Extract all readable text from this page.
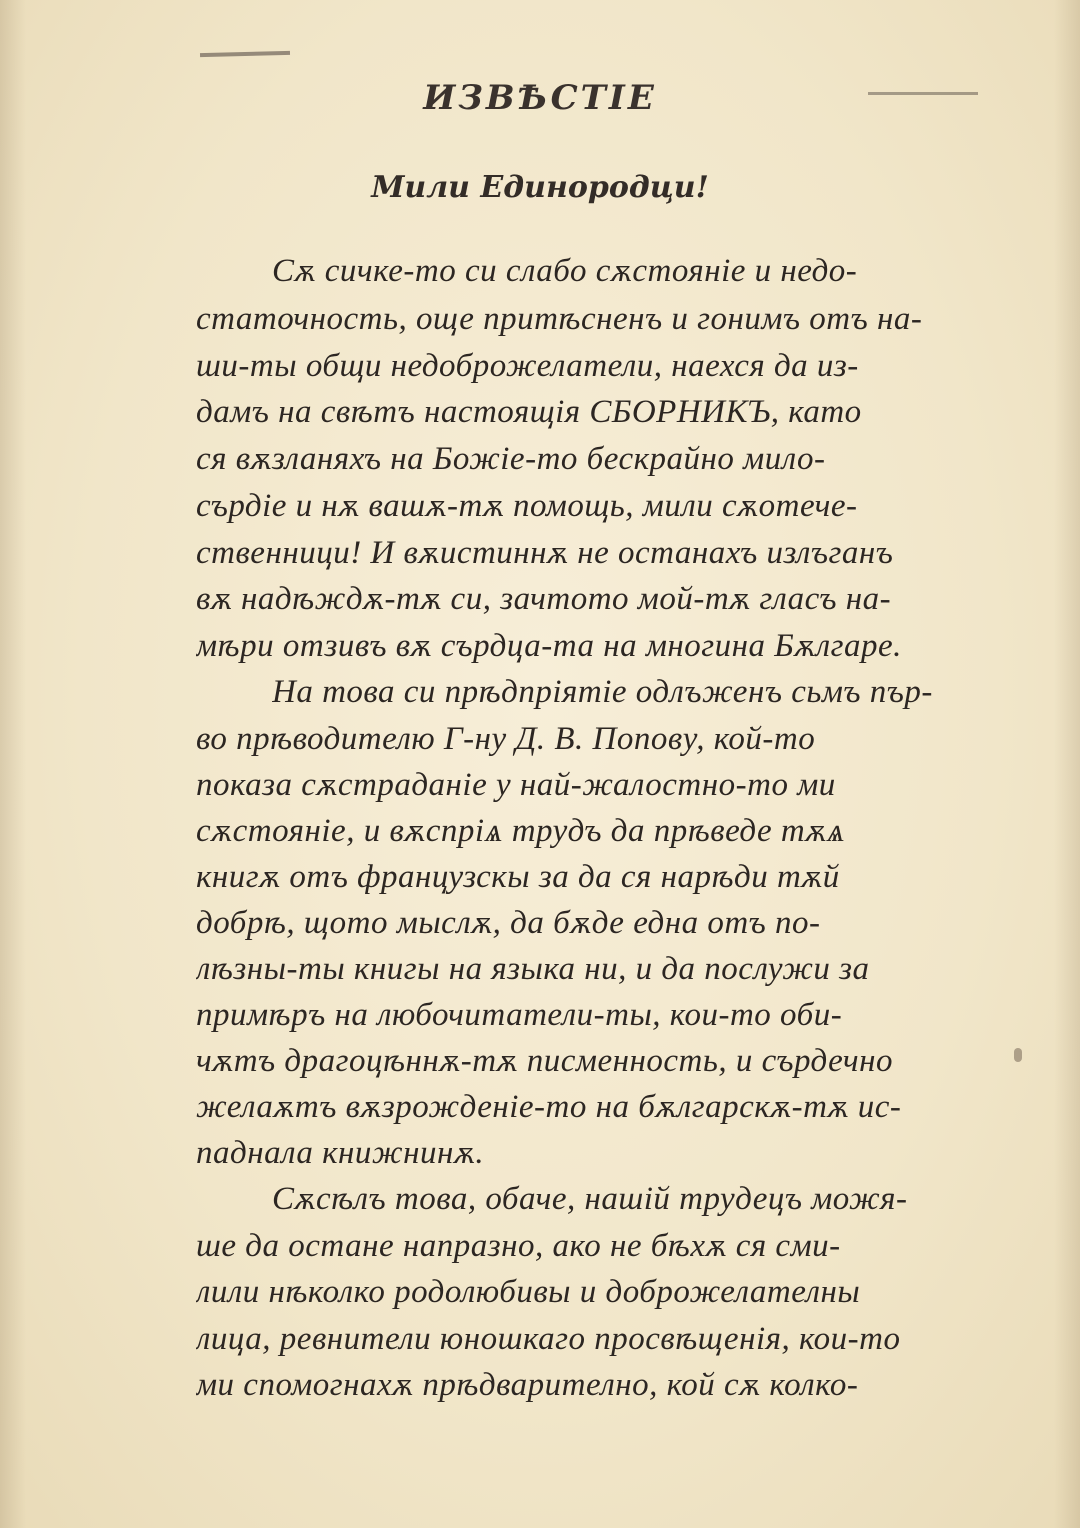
ИЗВѢСТІЕ
Мили Единородци!
Сѫ сичке-то си слабо сѫстояніе и недо-
статочность, още притѣсненъ и гонимъ отъ на-
ши-ты общи недоброжелатели, наехся да из-
дамъ на свѣтъ настоящія СБОРНИКЪ, като
ся вѫзланяхъ на Божіе-то бескрайно мило-
сърдіе и нѫ вашѫ-тѫ помощь, мили сѫотече-
ственници! И вѫистиннѫ не останахъ излъганъ
вѫ надѣждѫ-тѫ си, зачтото мой-тѫ гласъ на-
мѣри отзивъ вѫ сърдца-та на многина Бѫлгаре.
На това си прѣдпріятіе одлъженъ сьмъ пър-
во прѣводителю Г-ну Д. В. Попову, кой-то
показа сѫстраданіе у най-жалостно-то ми
сѫстояніе, и вѫспріѧ трудъ да прѣведе тѫѧ
книгѫ отъ французскы за да ся нарѣди тѫй
добрѣ, щото мыслѫ, да бѫде една отъ по-
лѣзны-ты книгы на языка ни, и да послужи за
примѣръ на любочитатели-ты, кои-то оби-
чѫтъ драгоцѣннѫ-тѫ писменность, и сърдечно
желаѫтъ вѫзрожденіе-то на бѫлгарскѫ-тѫ ис-
паднала книжнинѫ.
Сѫсѣлъ това, обаче, нашій трудецъ можя-
ше да остане напразно, ако не бѣхѫ ся сми-
лили нѣколко родолюбивы и доброжелателны
лица, ревнители юношкаго просвѣщенія, кои-то
ми спомогнахѫ прѣдварително, кой сѫ колко-
